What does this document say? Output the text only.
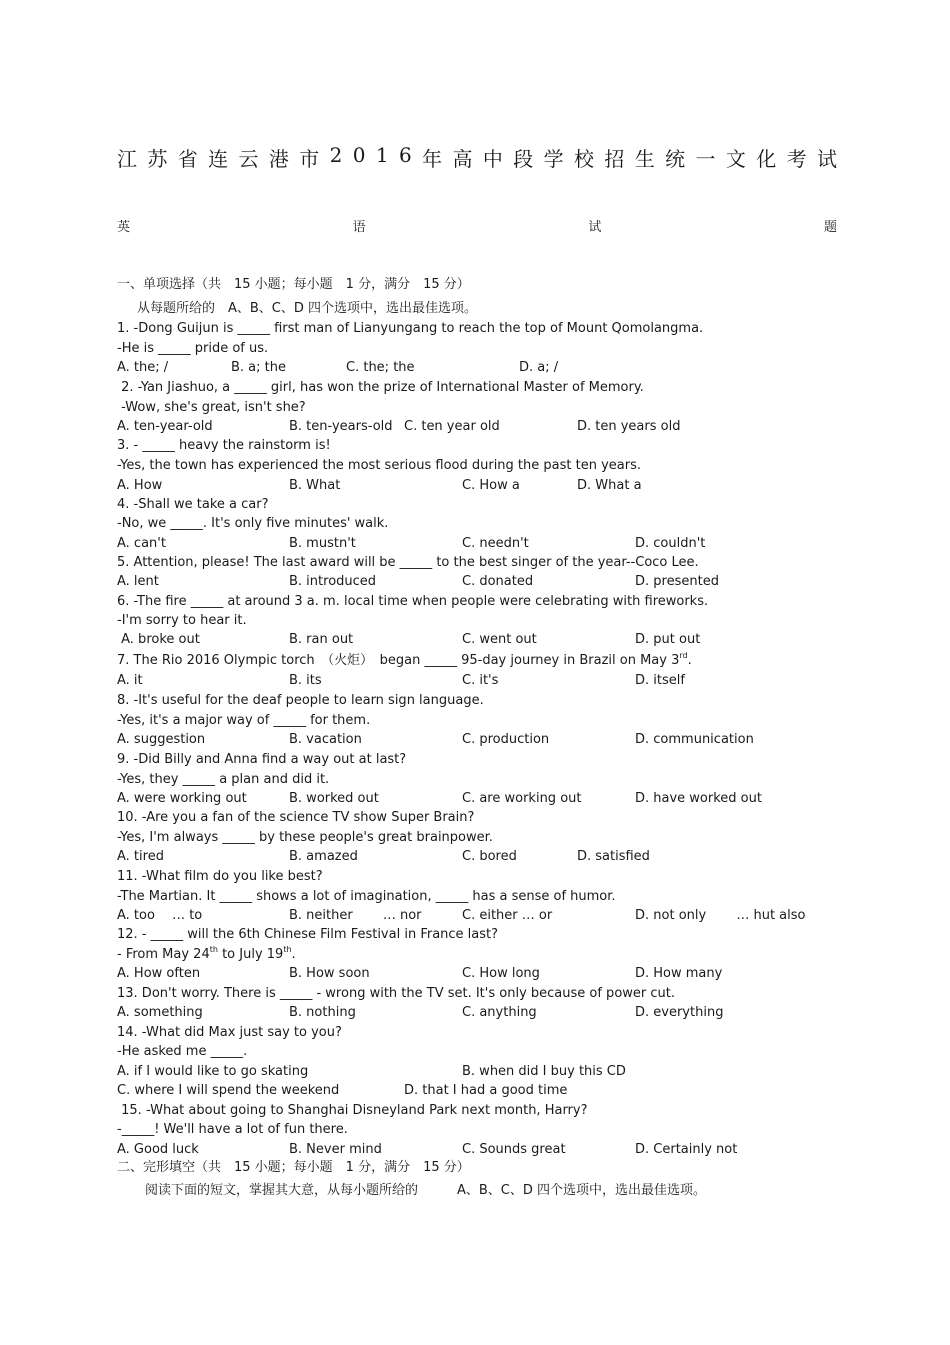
江 苏 省 连 云 港 市 2 0 1 6 年 高 中 段 学 校 招 生 统 一 文 化 考 试
英	语	试	题
一、单项选择（共　15 小题；每小题　1 分，满分　15 分）
从每题所给的　A、B、C、D 四个选项中，选出最佳选项。
1. -Dong Guijun is _____ first man of Lianyungang to reach the top of Mount Qomolangma.
-He is _____ pride of us.
A. the; /	B. a; the	C. the; the	D. a; /
2. -Yan Jiashuo, a _____ girl, has won the prize of International Master of Memory.
-Wow, she's great, isn't she?
A. ten-year-old	B. ten-years-old C. ten year old	D. ten years old
3. - _____ heavy the rainstorm is!
-Yes, the town has experienced the most serious flood during the past ten years.
A. How	B. What	C. How a	D. What a
4. -Shall we take a car?
-No, we _____. It's only five minutes' walk.
A. can't	B. mustn't	C. needn't	D. couldn't
5. Attention, please! The last award will be _____ to the best singer of the year--Coco Lee.
A. lent	B. introduced	C. donated	D. presented
6. -The fire _____ at around 3 a. m. local time when people were celebrating with fireworks.
-I'm sorry to hear it.
A. broke out	B. ran out	C. went out	D. put out
7. The Rio 2016 Olympic torch　（火炬）　began _____ 95-day journey in Brazil on May 3rd.
A. it	B. its	C. it's	D. itself
8. -It's useful for the deaf people to learn sign language.
-Yes, it's a major way of _____ for them.
A. suggestion	B. vacation	C. production	D. communication
9. -Did Billy and Anna find a way out at last?
-Yes, they _____ a plan and did it.
A. were working out	B. worked out	C. are working out	D. have worked out
10. -Are you a fan of the science TV show Super Brain?
-Yes, I'm always _____ by these people's great brainpower.
A. tired	B. amazed	C. bored	D. satisfied
11. -What film do you like best?
-The Martian. It _____ shows a lot of imagination, _____ has a sense of humor.
A. too　 … to	B. neither　　 … nor	C. either … or	D. not only　　 … hut also
12. - _____ will the 6th Chinese Film Festival in France last?
- From May 24th to July 19th.
A. How often	B. How soon	C. How long	D. How many
13. Don't worry. There is _____ - wrong with the TV set. It's only because of power cut.
A. something	B. nothing	C. anything	D. everything
14. -What did Max just say to you?
-He asked me _____.
A. if I would like to go skating	B. when did I buy this CD
C. where I will spend the weekend	D. that I had a good time
15. -What about going to Shanghai Disneyland Park next month, Harry?
-_____! We'll have a lot of fun there.
A. Good luck	B. Never mind	C. Sounds great	D. Certainly not
二、完形填空（共　15 小题；每小题　1 分，满分　15 分）
阅读下面的短文，掌握其大意，从每小题所给的　　　A、B、C、D 四个选项中，选出最佳选项。
